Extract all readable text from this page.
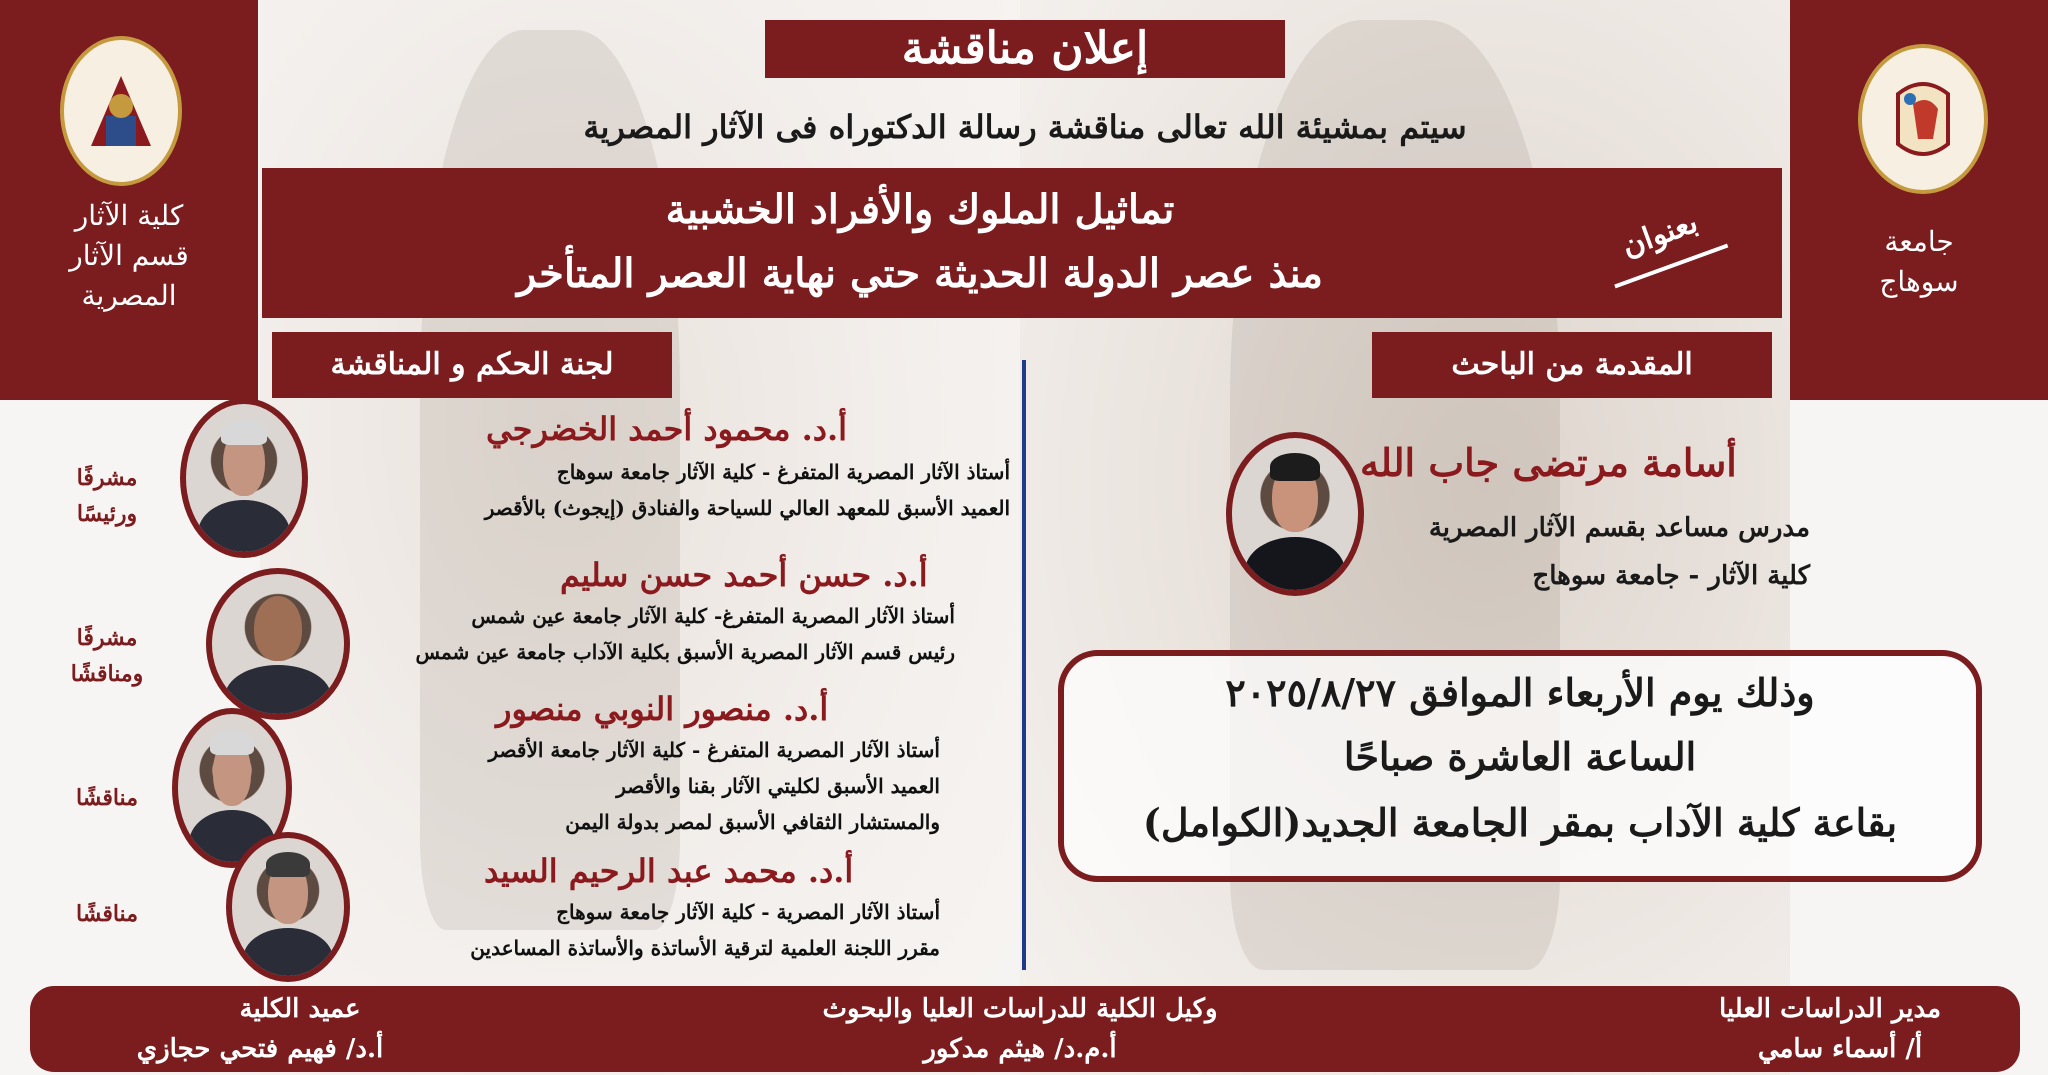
كلية الآثار
قسم الآثار
المصرية
جامعة
سوهاج
إعلان مناقشة
سيتم بمشيئة الله تعالى مناقشة رسالة الدكتوراه فى الآثار المصرية
تماثيل الملوك والأفراد الخشبية
منذ عصر الدولة الحديثة حتي نهاية العصر المتأخر
بعنوان
لجنة الحكم و المناقشة	المقدمة من الباحث
أ.د. محمود أحمد الخضرجي
أستاذ الآثار المصرية المتفرغ - كلية الآثار جامعة سوهاج
العميد الأسبق للمعهد العالي للسياحة والفنادق (إيجوث) بالأقصر
مشرفًا
ورئيسًا
أ.د. حسن أحمد حسن سليم
أستاذ الآثار المصرية المتفرغ- كلية الآثار جامعة عين شمس
رئيس قسم الآثار المصرية الأسبق بكلية الآداب جامعة عين شمس
مشرفًا
ومناقشًا
أ.د. منصور النوبي منصور
أستاذ الآثار المصرية المتفرغ - كلية الآثار جامعة الأقصر
العميد الأسبق لكليتي الآثار بقنا والأقصر
والمستشار الثقافي الأسبق لمصر بدولة اليمن
مناقشًا
أ.د. محمد عبد الرحيم السيد
أستاذ الآثار المصرية - كلية الآثار جامعة سوهاج
مقرر اللجنة العلمية لترقية الأساتذة والأساتذة المساعدين
مناقشًا
أسامة مرتضى جاب الله
مدرس مساعد بقسم الآثار المصرية
كلية الآثار - جامعة سوهاج
وذلك يوم الأربعاء الموافق ٢٠٢٥/٨/٢٧
الساعة العاشرة صباحًا
بقاعة كلية الآداب بمقر الجامعة الجديد(الكوامل)
عميد الكلية
أ.د/ فهيم فتحي حجازي
وكيل الكلية للدراسات العليا والبحوث
أ.م.د/ هيثم مدكور
مدير الدراسات العليا
أ/ أسماء سامي
